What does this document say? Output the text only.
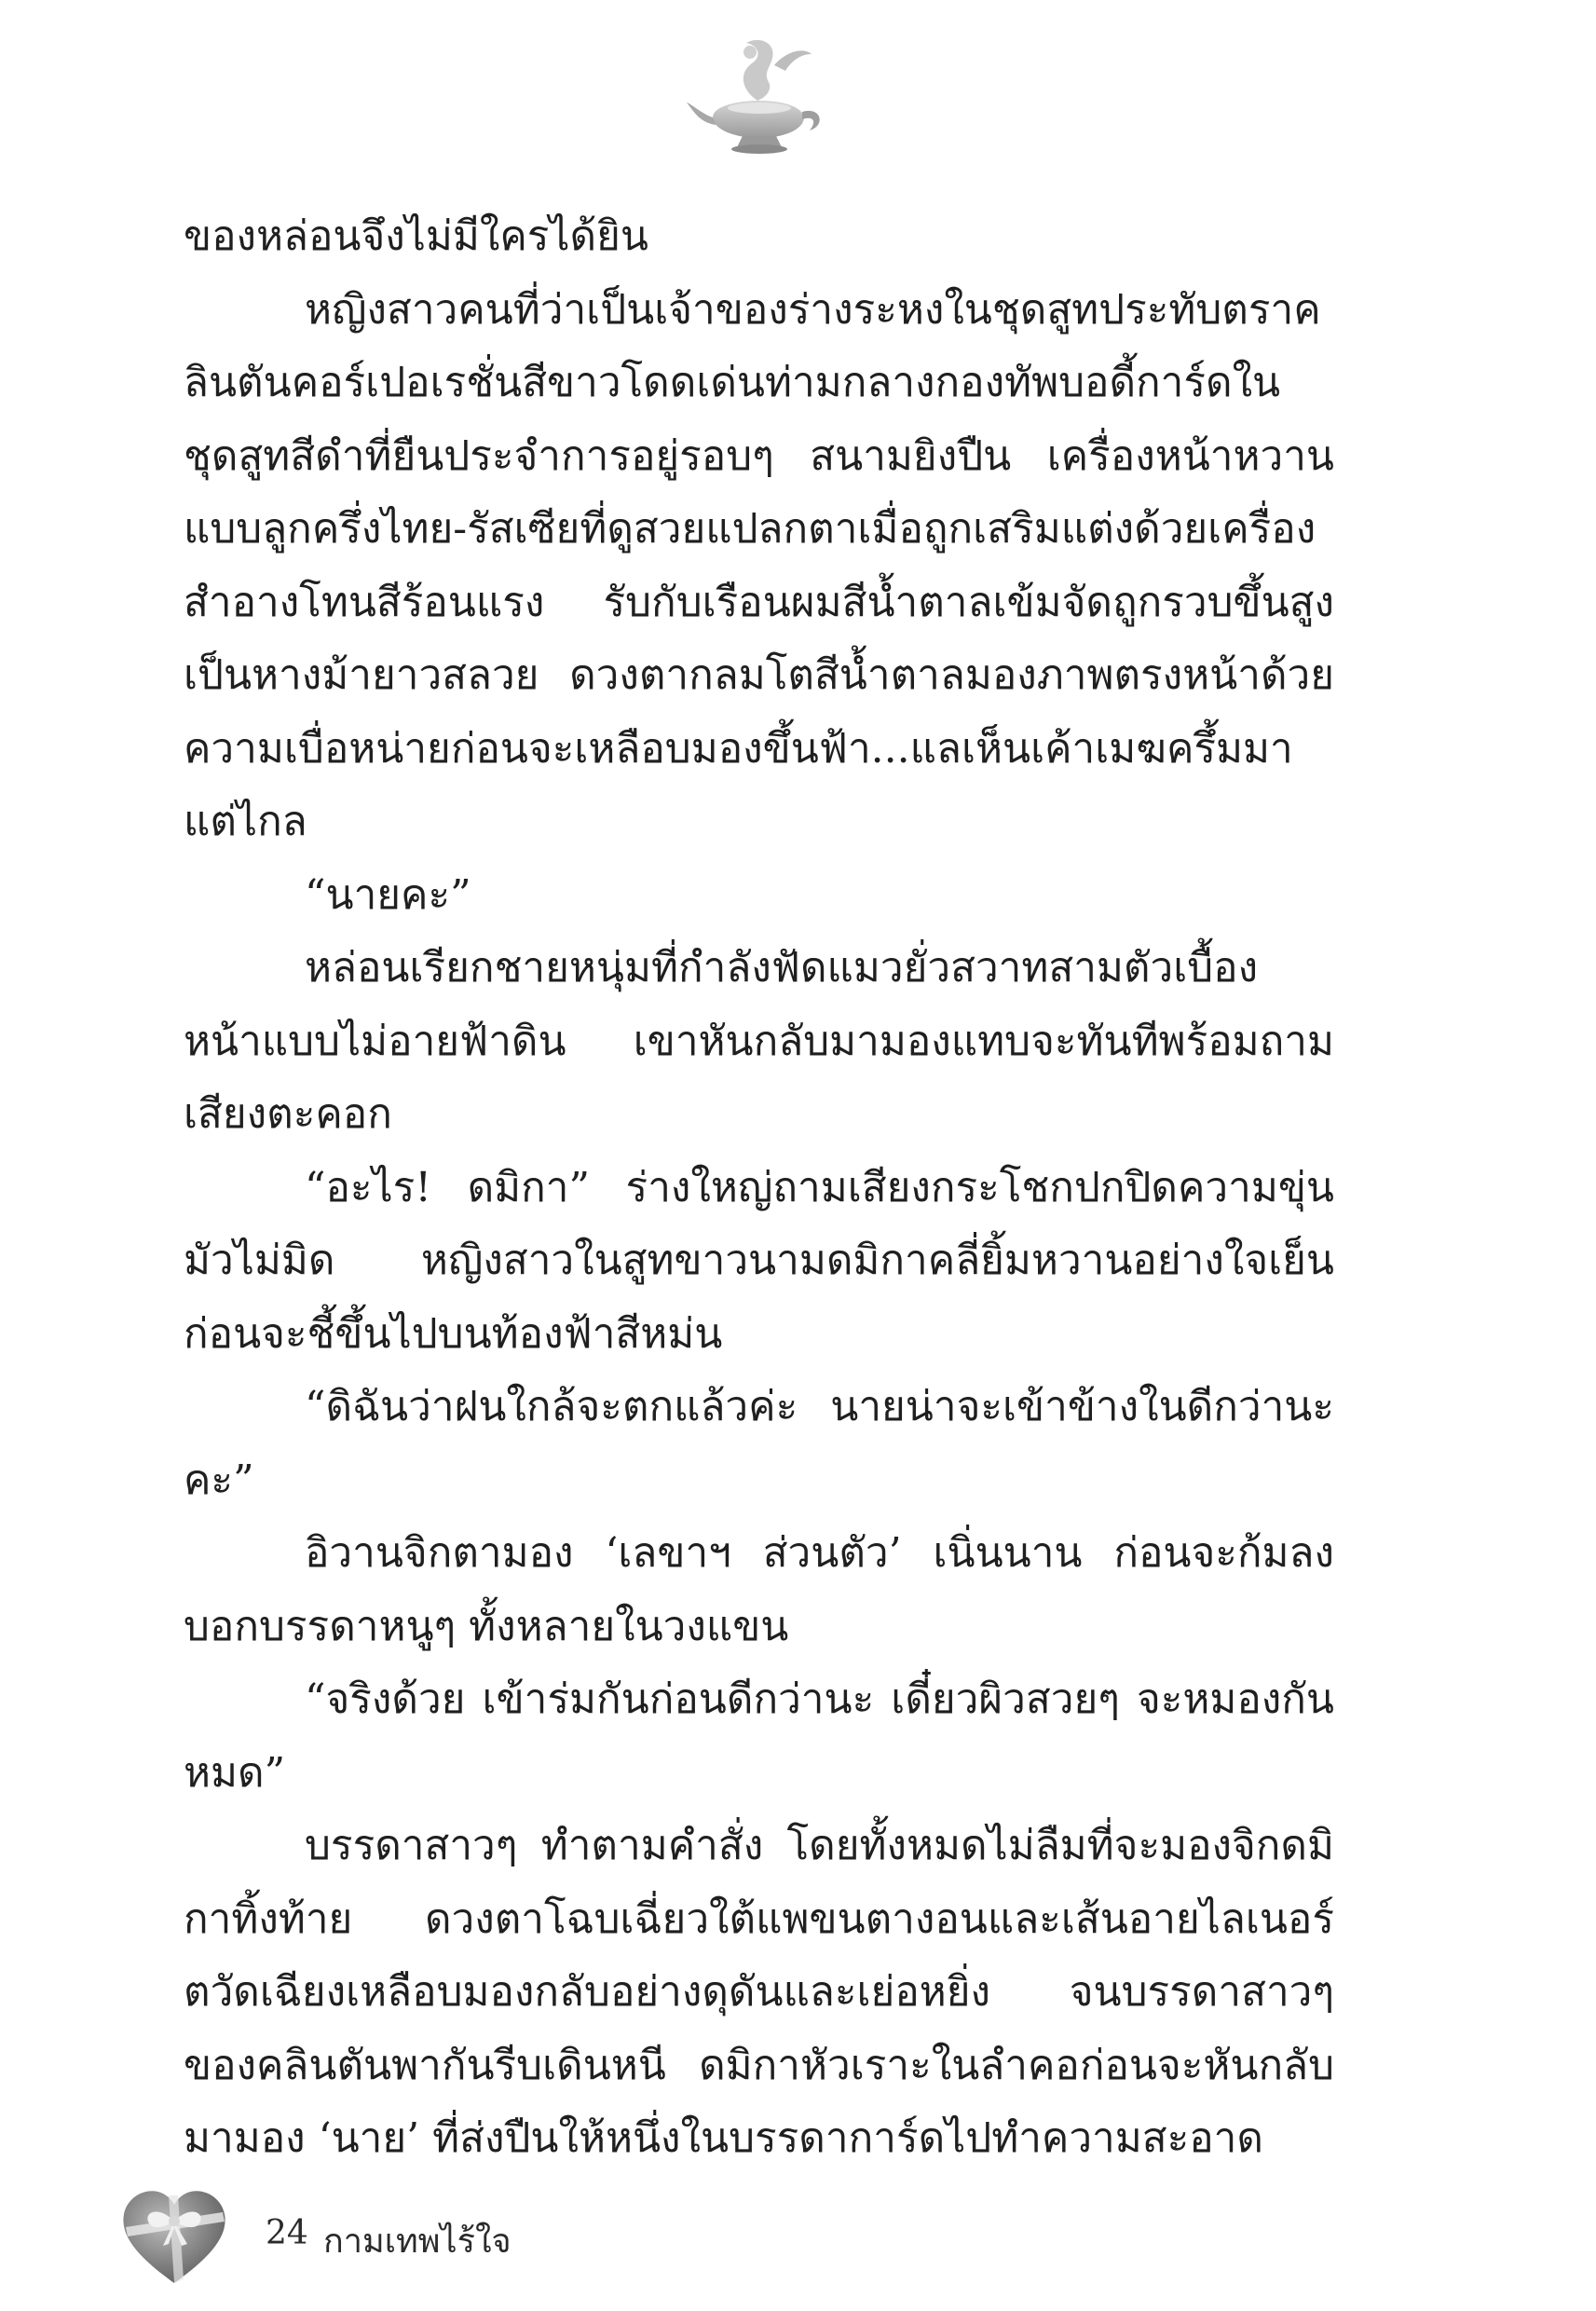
ของหล่อนจึงไม่มีใครได้ยิน

หญิงสาวคนที่ว่าเป็นเจ้าของร่างระหงในชุดสูทประทับตราคลินตันคอร์เปอเรชั่นสีขาวโดดเด่นท่ามกลางกองทัพบอดี้การ์ดในชุดสูทสีดำที่ยืนประจำการอยู่รอบๆ สนามยิงปืน เครื่องหน้าหวานแบบลูกครึ่งไทย-รัสเซียที่ดูสวยแปลกตาเมื่อถูกเสริมแต่งด้วยเครื่องสำอางโทนสีร้อนแรง รับกับเรือนผมสีน้ำตาลเข้มจัดถูกรวบขึ้นสูงเป็นหางม้ายาวสลวย ดวงตากลมโตสีน้ำตาลมองภาพตรงหน้าด้วยความเบื่อหน่ายก่อนจะเหลือบมองขึ้นฟ้า...แลเห็นเค้าเมฆครึ้มมาแต่ไกล

“นายคะ”

หล่อนเรียกชายหนุ่มที่กำลังฟัดแมวยั่วสวาทสามตัวเบื้องหน้าแบบไม่อายฟ้าดิน เขาหันกลับมามองแทบจะทันทีพร้อมถามเสียงตะคอก

“อะไร! ดมิกา” ร่างใหญ่ถามเสียงกระโชกปกปิดความขุ่นมัวไม่มิด หญิงสาวในสูทขาวนามดมิกาคลี่ยิ้มหวานอย่างใจเย็น ก่อนจะชี้ขึ้นไปบนท้องฟ้าสีหม่น

“ดิฉันว่าฝนใกล้จะตกแล้วค่ะ นายน่าจะเข้าข้างในดีกว่านะคะ”

อิวานจิกตามอง ‘เลขาฯ ส่วนตัว’ เนิ่นนาน ก่อนจะก้มลงบอกบรรดาหนูๆ ทั้งหลายในวงแขน

“จริงด้วย เข้าร่มกันก่อนดีกว่านะ เดี๋ยวผิวสวยๆ จะหมองกันหมด”

บรรดาสาวๆ ทำตามคำสั่ง โดยทั้งหมดไม่ลืมที่จะมองจิกดมิกาทิ้งท้าย ดวงตาโฉบเฉี่ยวใต้แพขนตางอนและเส้นอายไลเนอร์ตวัดเฉียงเหลือบมองกลับอย่างดุดันและเย่อหยิ่ง จนบรรดาสาวๆ ของคลินตันพากันรีบเดินหนี ดมิกาหัวเราะในลำคอก่อนจะหันกลับมามอง ‘นาย’ ที่ส่งปืนให้หนึ่งในบรรดาการ์ดไปทำความสะอาด

24 กามเทพไร้ใจ
